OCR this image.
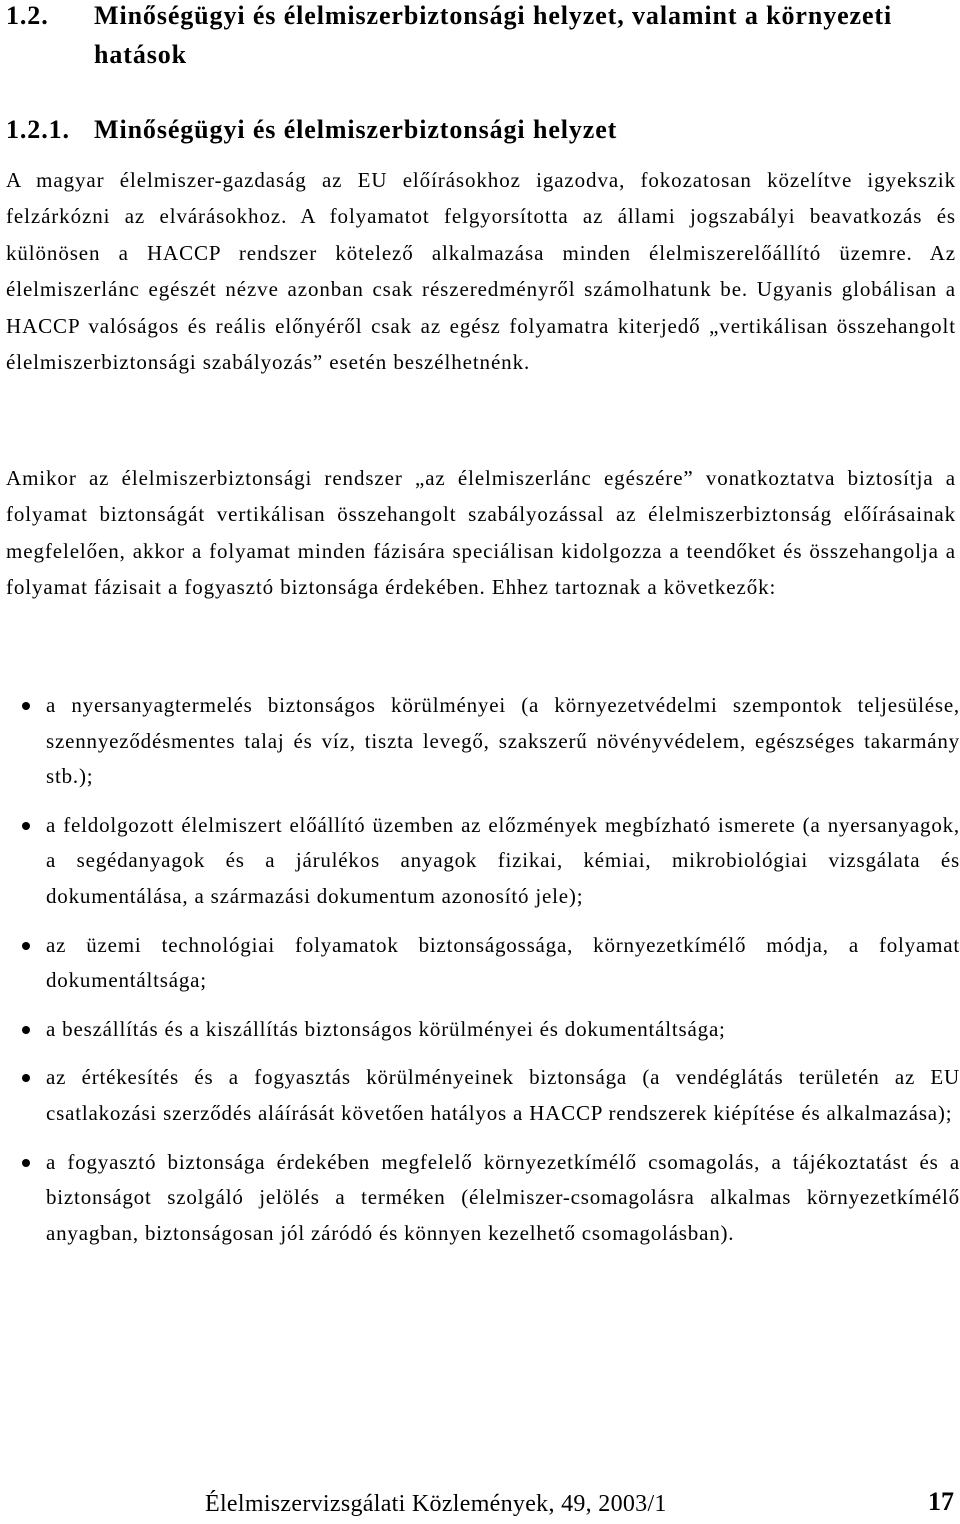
1.2. Minőségügyi és élelmiszerbiztonsági helyzet, valamint a környezeti hatások
1.2.1. Minőségügyi és élelmiszerbiztonsági helyzet

A magyar élelmiszer-gazdaság az EU előírásokhoz igazodva, fokozatosan közelítve igyekszik felzárkózni az elvárásokhoz. A folyamatot felgyorsította az állami jogszabályi beavatkozás és különösen a HACCP rendszer kötelező alkalmazása minden élelmiszerelőállító üzemre. Az élelmiszerlánc egészét nézve azonban csak részeredményről számolhatunk be. Ugyanis globálisan a HACCP valóságos és reális előnyéről csak az egész folyamatra kiterjedő „vertikálisan összehangolt élelmiszerbiztonsági szabályozás” esetén beszélhetnénk.

Amikor az élelmiszerbiztonsági rendszer „az élelmiszerlánc egészére” vonatkoztatva biztosítja a folyamat biztonságát vertikálisan összehangolt szabályozással az élelmiszerbiztonság előírásainak megfelelően, akkor a folyamat minden fázisára speciálisan kidolgozza a teendőket és összehangolja a folyamat fázisait a fogyasztó biztonsága érdekében. Ehhez tartoznak a következők:

a nyersanyagtermelés biztonságos körülményei (a környezetvédelmi szempontok teljesülése, szennyeződésmentes talaj és víz, tiszta levegő, szakszerű növényvédelem, egészséges takarmány stb.);
a feldolgozott élelmiszert előállító üzemben az előzmények megbízható ismerete (a nyersanyagok, a segédanyagok és a járulékos anyagok fizikai, kémiai, mikrobiológiai vizsgálata és dokumentálása, a származási dokumentum azonosító jele);
az üzemi technológiai folyamatok biztonságossága, környezetkímélő módja, a folyamat dokumentáltsága;
a beszállítás és a kiszállítás biztonságos körülményei és dokumentáltsága;
az értékesítés és a fogyasztás körülményeinek biztonsága (a vendéglátás területén az EU csatlakozási szerződés aláírását követően hatályos a HACCP rendszerek kiépítése és alkalmazása);
a fogyasztó biztonsága érdekében megfelelő környezetkímélő csomagolás, a tájékoztatást és a biztonságot szolgáló jelölés a terméken (élelmiszer-csomagolásra alkalmas környezetkímélő anyagban, biztonságosan jól záródó és könnyen kezelhető csomagolásban).
Élelmiszervizsgálati Közlemények, 49, 2003/1	17
